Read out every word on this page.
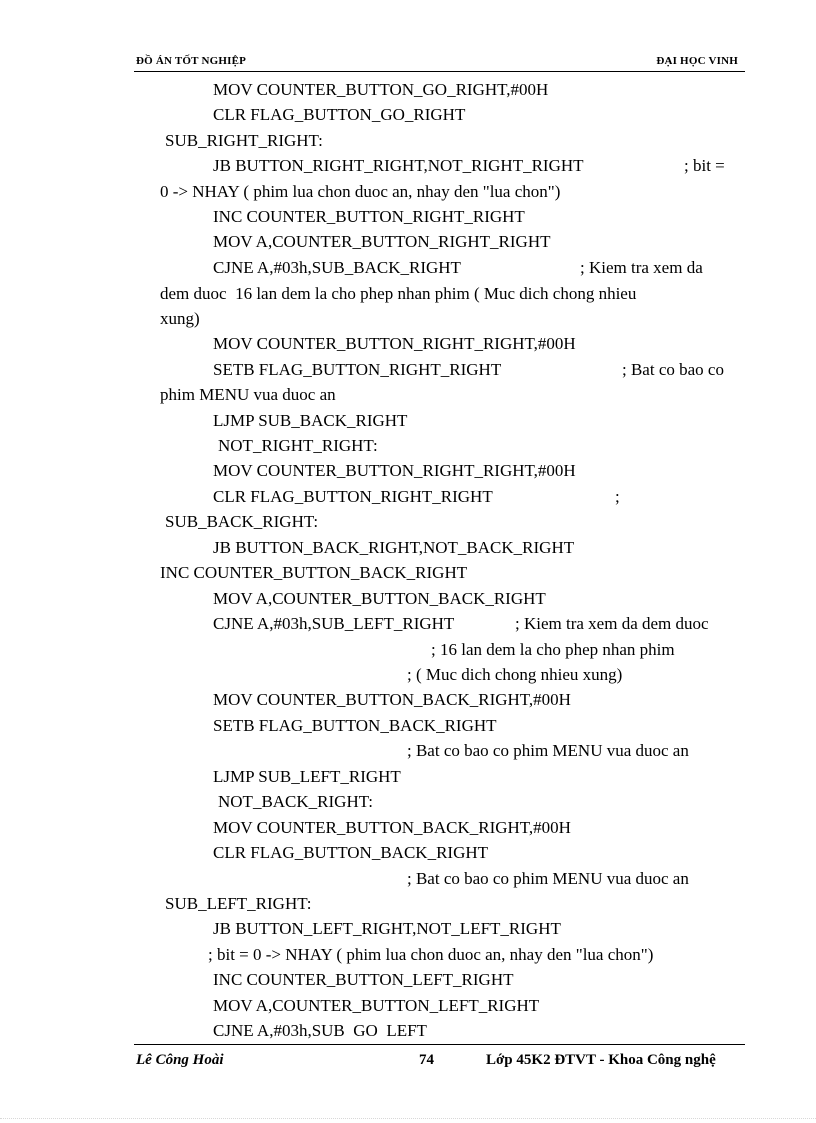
ĐỒ ÁN TỐT NGHIỆP	ĐẠI HỌC VINH
MOV COUNTER_BUTTON_GO_RIGHT,#00H
CLR FLAG_BUTTON_GO_RIGHT
SUB_RIGHT_RIGHT:
JB BUTTON_RIGHT_RIGHT,NOT_RIGHT_RIGHT	; bit =
0 -> NHAY ( phim lua chon duoc an, nhay den "lua chon")
INC COUNTER_BUTTON_RIGHT_RIGHT
MOV A,COUNTER_BUTTON_RIGHT_RIGHT
CJNE A,#03h,SUB_BACK_RIGHT	; Kiem tra xem da
dem duoc  16 lan dem la cho phep nhan phim ( Muc dich chong nhieu
xung)
MOV COUNTER_BUTTON_RIGHT_RIGHT,#00H
SETB FLAG_BUTTON_RIGHT_RIGHT	; Bat co bao co
phim MENU vua duoc an
LJMP SUB_BACK_RIGHT
NOT_RIGHT_RIGHT:
MOV COUNTER_BUTTON_RIGHT_RIGHT,#00H
CLR FLAG_BUTTON_RIGHT_RIGHT	;
SUB_BACK_RIGHT:
JB BUTTON_BACK_RIGHT,NOT_BACK_RIGHT
INC COUNTER_BUTTON_BACK_RIGHT
MOV A,COUNTER_BUTTON_BACK_RIGHT
CJNE A,#03h,SUB_LEFT_RIGHT	; Kiem tra xem da dem duoc
; 16 lan dem la cho phep nhan phim
; ( Muc dich chong nhieu xung)
MOV COUNTER_BUTTON_BACK_RIGHT,#00H
SETB FLAG_BUTTON_BACK_RIGHT
; Bat co bao co phim MENU vua duoc an
LJMP SUB_LEFT_RIGHT
NOT_BACK_RIGHT:
MOV COUNTER_BUTTON_BACK_RIGHT,#00H
CLR FLAG_BUTTON_BACK_RIGHT
; Bat co bao co phim MENU vua duoc an
SUB_LEFT_RIGHT:
JB BUTTON_LEFT_RIGHT,NOT_LEFT_RIGHT
; bit = 0 -> NHAY ( phim lua chon duoc an, nhay den "lua chon")
INC COUNTER_BUTTON_LEFT_RIGHT
MOV A,COUNTER_BUTTON_LEFT_RIGHT
CJNE A,#03h,SUB  GO  LEFT
Lê Công Hoài	74	Lớp 45K2 ĐTVT - Khoa Công nghệ
